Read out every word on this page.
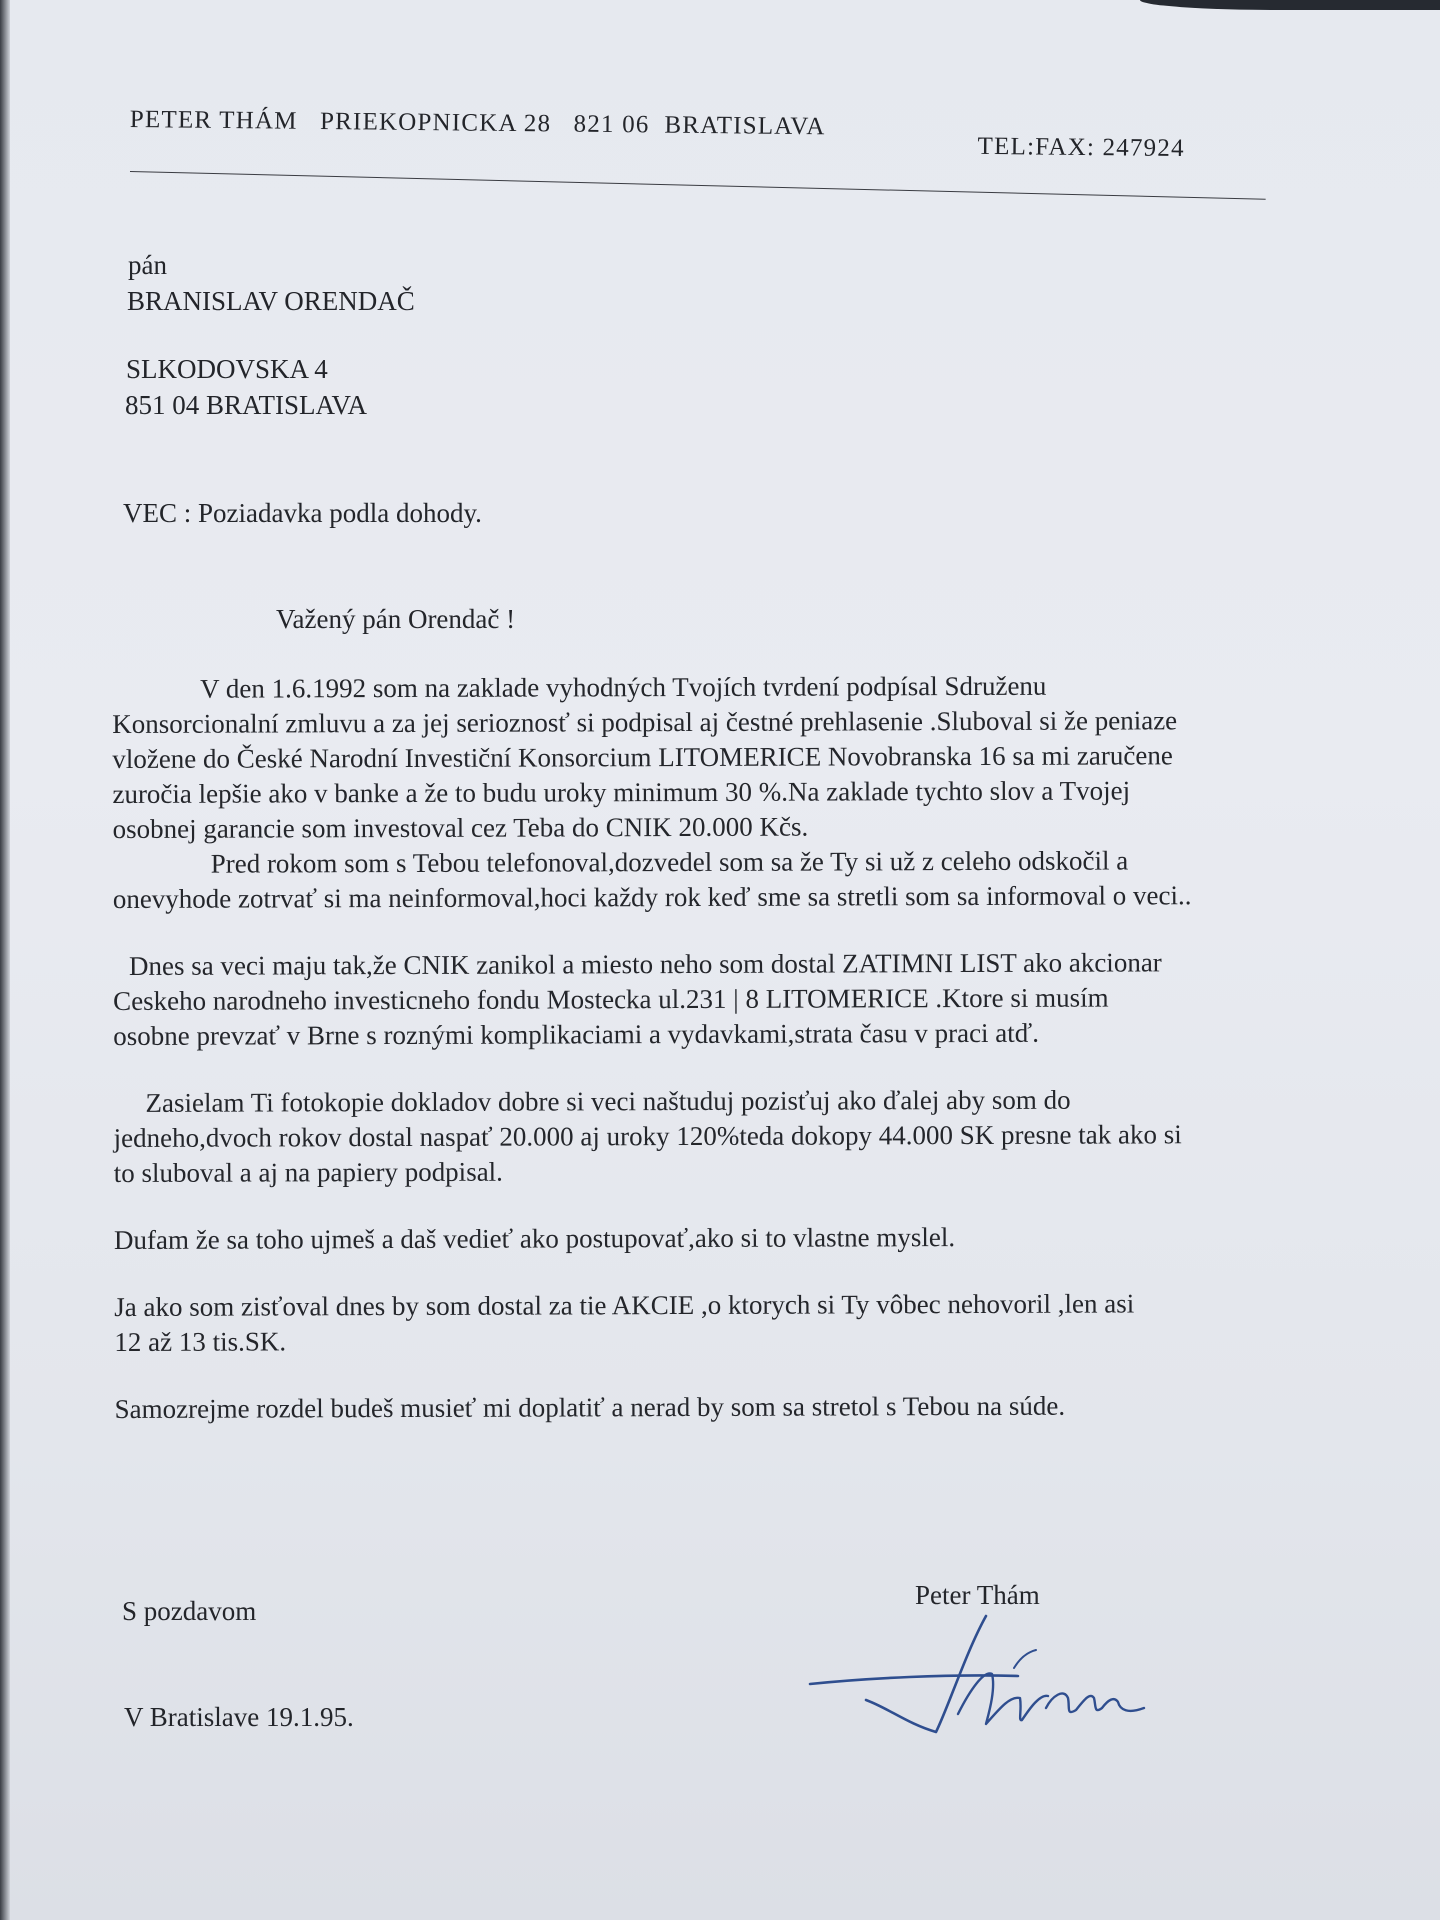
PETER THÁM PRIEKOPNICKA 28 821 06 BRATISLAVA
TEL:FAX: 247924
pán
BRANISLAV ORENDAČ
SLKODOVSKA 4
851 04 BRATISLAVA
VEC : Poziadavka podla dohody.
Važený pán Orendač !
V den 1.6.1992 som na zaklade vyhodných Tvojích tvrdení podpísal Sdruženu
Konsorcionalní zmluvu a za jej serioznosť si podpisal aj čestné prehlasenie .Sluboval si že peniaze
vložene do České Narodní Investiční Konsorcium LITOMERICE Novobranska 16 sa mi zaručene
zuročia lepšie ako v banke a že to budu uroky minimum 30 %.Na zaklade tychto slov a Tvojej
osobnej garancie som investoval cez Teba do CNIK 20.000 Kčs.
Pred rokom som s Tebou telefonoval,dozvedel som sa že Ty si už z celeho odskočil a
onevyhode zotrvať si ma neinformoval,hoci každy rok keď sme sa stretli som sa informoval o veci..
Dnes sa veci maju tak,že CNIK zanikol a miesto neho som dostal ZATIMNI LIST ako akcionar
Ceskeho narodneho investicneho fondu Mostecka ul.231 | 8 LITOMERICE .Ktore si musím
osobne prevzať v Brne s roznými komplikaciami a vydavkami,strata času v praci atď.
Zasielam Ti fotokopie dokladov dobre si veci naštuduj pozisťuj ako ďalej aby som do
jedneho,dvoch rokov dostal naspať 20.000 aj uroky 120%teda dokopy 44.000 SK presne tak ako si
to sluboval a aj na papiery podpisal.
Dufam že sa toho ujmeš a daš vedieť ako postupovať,ako si to vlastne myslel.
Ja ako som zisťoval dnes by som dostal za tie AKCIE ,o ktorych si Ty vôbec nehovoril ,len asi
12 až 13 tis.SK.
Samozrejme rozdel budeš musieť mi doplatiť a nerad by som sa stretol s Tebou na súde.
S pozdavom
Peter Thám
V Bratislave 19.1.95.
